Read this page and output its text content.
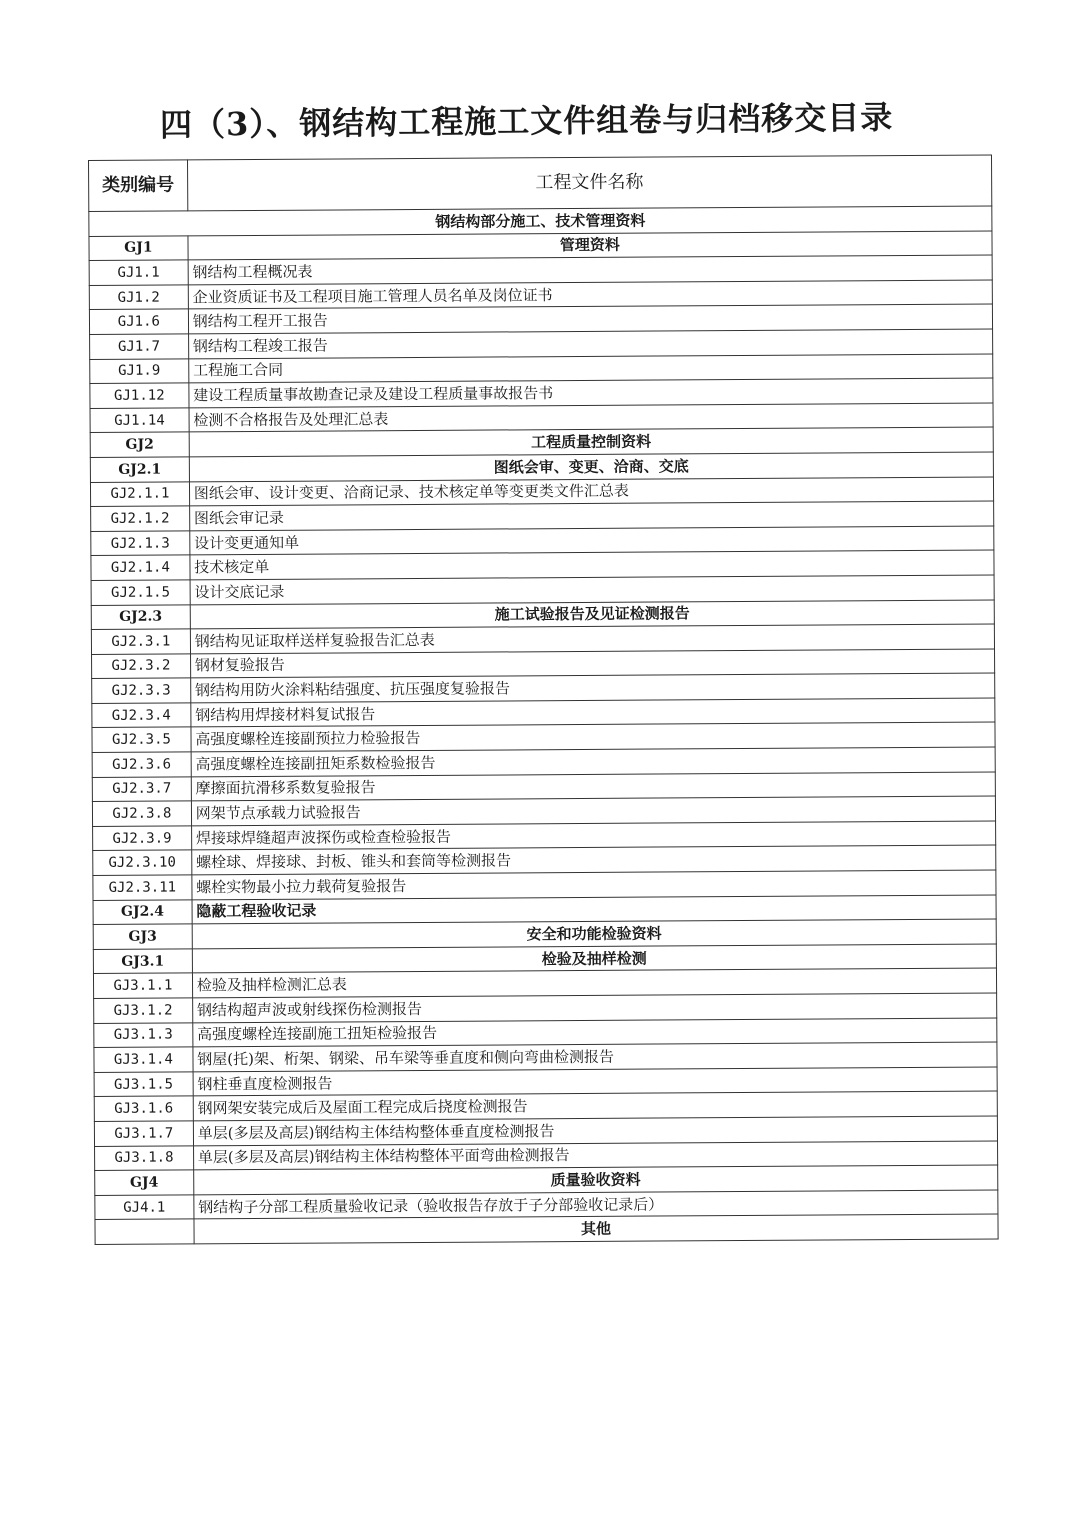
四（3）、钢结构工程施工文件组卷与归档移交目录
类别编号	工程文件名称
钢结构部分施工、技术管理资料	
GJ1	管理资料
GJ1.1	钢结构工程概况表
GJ1.2	企业资质证书及工程项目施工管理人员名单及岗位证书
GJ1.6	钢结构工程开工报告
GJ1.7	钢结构工程竣工报告
GJ1.9	工程施工合同
GJ1.12	建设工程质量事故勘查记录及建设工程质量事故报告书
GJ1.14	检测不合格报告及处理汇总表
GJ2	工程质量控制资料
GJ2.1	图纸会审、变更、洽商、交底
GJ2.1.1	图纸会审、设计变更、洽商记录、技术核定单等变更类文件汇总表
GJ2.1.2	图纸会审记录
GJ2.1.3	设计变更通知单
GJ2.1.4	技术核定单
GJ2.1.5	设计交底记录
GJ2.3	施工试验报告及见证检测报告
GJ2.3.1	钢结构见证取样送样复验报告汇总表
GJ2.3.2	钢材复验报告
GJ2.3.3	钢结构用防火涂料粘结强度、抗压强度复验报告
GJ2.3.4	钢结构用焊接材料复试报告
GJ2.3.5	高强度螺栓连接副预拉力检验报告
GJ2.3.6	高强度螺栓连接副扭矩系数检验报告
GJ2.3.7	摩擦面抗滑移系数复验报告
GJ2.3.8	网架节点承载力试验报告
GJ2.3.9	焊接球焊缝超声波探伤或检查检验报告
GJ2.3.10	螺栓球、焊接球、封板、锥头和套筒等检测报告
GJ2.3.11	螺栓实物最小拉力载荷复验报告
GJ2.4	隐蔽工程验收记录
GJ3	安全和功能检验资料
GJ3.1	检验及抽样检测
GJ3.1.1	检验及抽样检测汇总表
GJ3.1.2	钢结构超声波或射线探伤检测报告
GJ3.1.3	高强度螺栓连接副施工扭矩检验报告
GJ3.1.4	钢屋(托)架、桁架、钢梁、吊车梁等垂直度和侧向弯曲检测报告
GJ3.1.5	钢柱垂直度检测报告
GJ3.1.6	钢网架安装完成后及屋面工程完成后挠度检测报告
GJ3.1.7	单层(多层及高层)钢结构主体结构整体垂直度检测报告
GJ3.1.8	单层(多层及高层)钢结构主体结构整体平面弯曲检测报告
GJ4	质量验收资料
GJ4.1	钢结构子分部工程质量验收记录（验收报告存放于子分部验收记录后）
	其他
